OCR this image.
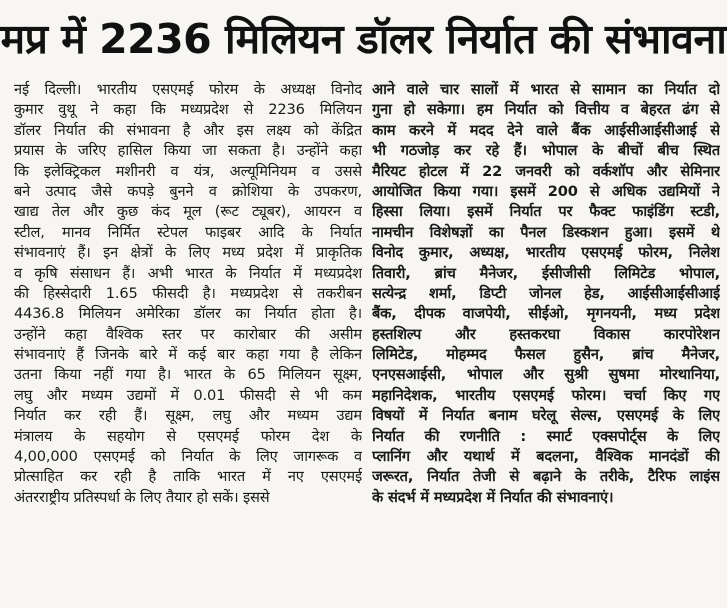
मप्र में 2236 मिलियन डॉलर निर्यात की संभावना
नई दिल्ली। भारतीय एसएमई फोरम के अध्यक्ष विनोद
कुमार वुथू ने कहा कि मध्यप्रदेश से 2236 मिलियन
डॉलर निर्यात की संभावना है और इस लक्ष्य को केंद्रित
प्रयास के जरिए हासिल किया जा सकता है। उन्होंने कहा
कि इलेक्ट्रिकल मशीनरी व यंत्र, अल्यूमिनियम व उससे
बने उत्पाद जैसे कपड़े बुनने व क्रोशिया के उपकरण,
खाद्य तेल और कुछ कंद मूल (रूट ट्यूबर), आयरन व
स्टील, मानव निर्मित स्टेपल फाइबर आदि के निर्यात
संभावनाएं हैं। इन क्षेत्रों के लिए मध्य प्रदेश में प्राकृतिक
व कृषि संसाधन हैं। अभी भारत के निर्यात में मध्यप्रदेश
की हिस्सेदारी 1.65 फीसदी है। मध्यप्रदेश से तकरीबन
4436.8 मिलियन अमेरिका डॉलर का निर्यात होता है।
उन्होंने कहा वैश्विक स्तर पर कारोबार की असीम
संभावनाएं हैं जिनके बारे में कई बार कहा गया है लेकिन
उतना किया नहीं गया है। भारत के 65 मिलियन सूक्ष्म,
लघु और मध्यम उद्यमों में 0.01 फीसदी से भी कम
निर्यात कर रही हैं। सूक्ष्म, लघु और मध्यम उद्यम
मंत्रालय के सहयोग से एसएमई फोरम देश के
4,00,000 एसएमई को निर्यात के लिए जागरूक व
प्रोत्साहित कर रही है ताकि भारत में नए एसएमई
अंतरराष्ट्रीय प्रतिस्पर्धा के लिए तैयार हो सकें। इससे
आने वाले चार सालों में भारत से सामान का निर्यात दो
गुना हो सकेगा। हम निर्यात को वित्तीय व बेहरत ढंग से
काम करने में मदद देने वाले बैंक आईसीआईसीआई से
भी गठजोड़ कर रहे हैं। भोपाल के बीचों बीच स्थित
मैरियट होटल में 22 जनवरी को वर्कशॉप और सेमिनार
आयोजित किया गया। इसमें 200 से अधिक उद्यमियों ने
हिस्सा लिया। इसमें निर्यात पर फैक्ट फाइंडिंग स्टडी,
नामचीन विशेषज्ञों का पैनल डिस्कशन हुआ। इसमें थे
विनोद कुमार, अध्यक्ष, भारतीय एसएमई फोरम, निलेश
तिवारी, ब्रांच मैनेजर, ईसीजीसी लिमिटेड भोपाल,
सत्येन्द्र शर्मा, डिप्टी जोनल हेड, आईसीआईसीआई
बैंक, दीपक वाजपेयी, सीईओ, मृगनयनी, मध्य प्रदेश
हस्तशिल्प और हस्तकरघा विकास कारपोरेशन
लिमिटेड, मोहम्मद फैसल हुसैन, ब्रांच मैनेजर,
एनएसआईसी, भोपाल और सुश्री सुषमा मोरथानिया,
महानिदेशक, भारतीय एसएमई फोरम। चर्चा किए गए
विषयों में निर्यात बनाम घरेलू सेल्स, एसएमई के लिए
निर्यात की रणनीति : स्मार्ट एक्सपोर्ट्स के लिए
प्लानिंग और यथार्थ में बदलना, वैश्विक मानदंडों की
जरूरत, निर्यात तेजी से बढ़ाने के तरीके, टैरिफ लाइंस
के संदर्भ में मध्यप्रदेश में निर्यात की संभावनाएं।
